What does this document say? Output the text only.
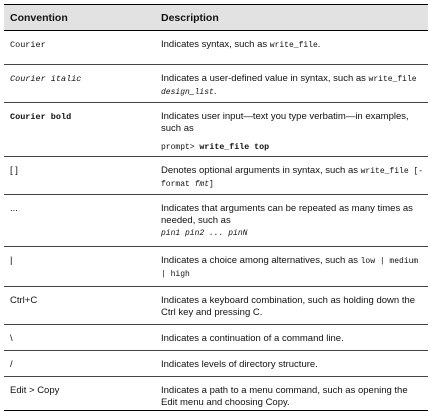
Convention	Description
Courier	Indicates syntax, such as write_file.
Courier italic	Indicates a user-defined value in syntax, such as write_file design_list.
Courier bold	Indicates user input—text you type verbatim—in examples, such as
prompt> write_file top

[ ]	Denotes optional arguments in syntax, such as write_file [-format fmt]
...	Indicates that arguments can be repeated as many times as needed, such as
pin1 pin2 ... pinN
|	Indicates a choice among alternatives, such as low | medium | high
Ctrl+C	Indicates a keyboard combination, such as holding down the Ctrl key and pressing C.
\	Indicates a continuation of a command line.
/	Indicates levels of directory structure.
Edit > Copy	Indicates a path to a menu command, such as opening the Edit menu and choosing Copy.
